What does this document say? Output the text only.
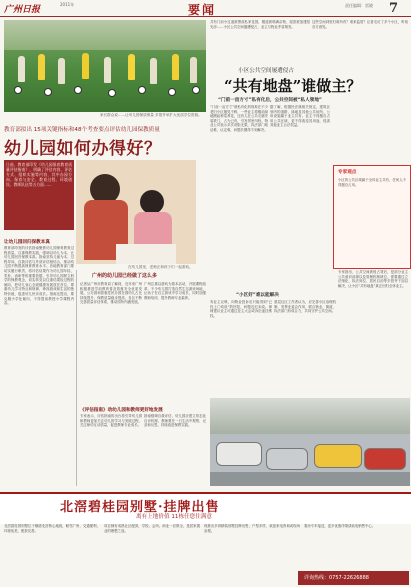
广州日报
2011年	要闻	责任编辑：雷晓	7
家长群众说……让幼儿园保质保量 多措并举扩大优质学位资源。
教育部拟出 15项关键指标和48个考查要点评估幼儿园保教质量
幼儿园如何办得好？
日前，教育部印发《幼儿园保育教育质量评估指南》，明确了评估内容、评估方式、组织实施等内容，其中办园方向、保育与安全、教育过程、环境创设、教师队伍等五方面……
在幼儿园里，老师正和孩子们一起游戏。
让幼儿园回归保教本真
教育部印发的评估指南聚焦幼儿园保育教育过程质量，注重保教实践，强调以幼儿为本，让幼儿园回归保教本真。指南坚持儿童为本、过程导向、自我评估与外部评估相结合，推动幼儿园不断提高保育教育水平。各地教育部门要切实履行职责，将评估结果作为幼儿园年检、奖补、表彰等的重要依据，引导幼儿园树立科学的保教观念，切实转变以往重结果轻过程的倾向，把幼儿身心全面健康发展放在首位，尊重幼儿学习特点和规律，珍视游戏和生活的独特价值，促进幼儿快乐成长。指南还提出，要克服小学化倾向，不得提前教授小学课程内容。
广州的幼儿园已经做了这么多
记者从广州市教育局了解到，近年来广州积极推进学前教育普及普惠安全优质发展，公办园和普惠性民办园在园幼儿占比持续提升，保教质量稳步提高，各区不断完善质量评估体系，推动园所内涵发展。
广州注重以游戏为基本活动，开展课程改革，不少幼儿园打造自然生态游戏场地，让孩子在自主游戏中学习成长，同时加强教师培训，提升教师专业素养。
《评估指南》动幼儿园和教师更好地发展
专家表示，评估指南的出台将引导幼儿园和教师更加关注幼儿的学习与发展过程，关注师幼互动质量，促进教师专业成长。
指南强调自我评估，幼儿园应建立常态化自评机制，教师要在一日生活中观察、记录和反思，持续改进保教实践。
共有门前小过道被围成私家花园，楼道被堆满杂物，屋顶被加建阳光房……小区公共空间屡遭侵占，业主与物业矛盾频发。
这些空间到底归谁所有？谁来监管？记者走访了多个小区，听取各方意见。
小区公共空间屡遭侵占
“共有地盘”谁做主？
“门前一亩方寸”私有化后，公共空间被“私人领地”
“门前一亩方寸”被私有化的现象在不少老旧小区屡见不鲜，一些业主将楼前绿地圈起种菜养花，还有人在公共走廊安装铁门，占为己有，引发邻里纠纷。物业公司表示多次劝阻无果，执法部门取证难、认定难，问题长期得不到解决。
据了解，根据民法典相关规定，建筑区划内的道路、绿地及其他公共场所、公用设施属于业主共有。业主不得擅自占用公共区域，更不得改变其用途，侵害其他业主合法权益。
专家观点
小区的公共区域属于全体业主共有，任何人不得擅自占用。
“小区好”难以能解决
有业主反映，向物业投诉后只能得到“已经上门劝说”的回复，问题迟迟未改。律师建议业主可通过业主大会或诉讼途径维权。
基层社区工作者认为，应完善小区治理机制，发挥业委会作用，联合物业、街道、执法部门形成合力，共同守护公共空间。
专家指出，公共空间被侵占背后，是部分业主公共意识淡薄以及管理机制缺位，需要通过立法细化、执法到位、居民自治等多管齐下加以解决，让小区“共有地盘”真正回归全体业主。
北滘碧桂园别墅·挂牌出售
离有上地价值 11栋任您住满意
北滘碧桂园别墅位于顺德北滘核心地段，毗邻广州，交通便利，环境优美，配套完善。
项目拥有成熟社区配套，学校、会所、商业一应俱全，是居家置业的理想之选。
现推出多套精装别墅挂牌出售，户型多样，欢迎来电咨询或现场参观。
看房专车接送，更多优惠详情请致电销售中心。
详询热线：0757-22626888
